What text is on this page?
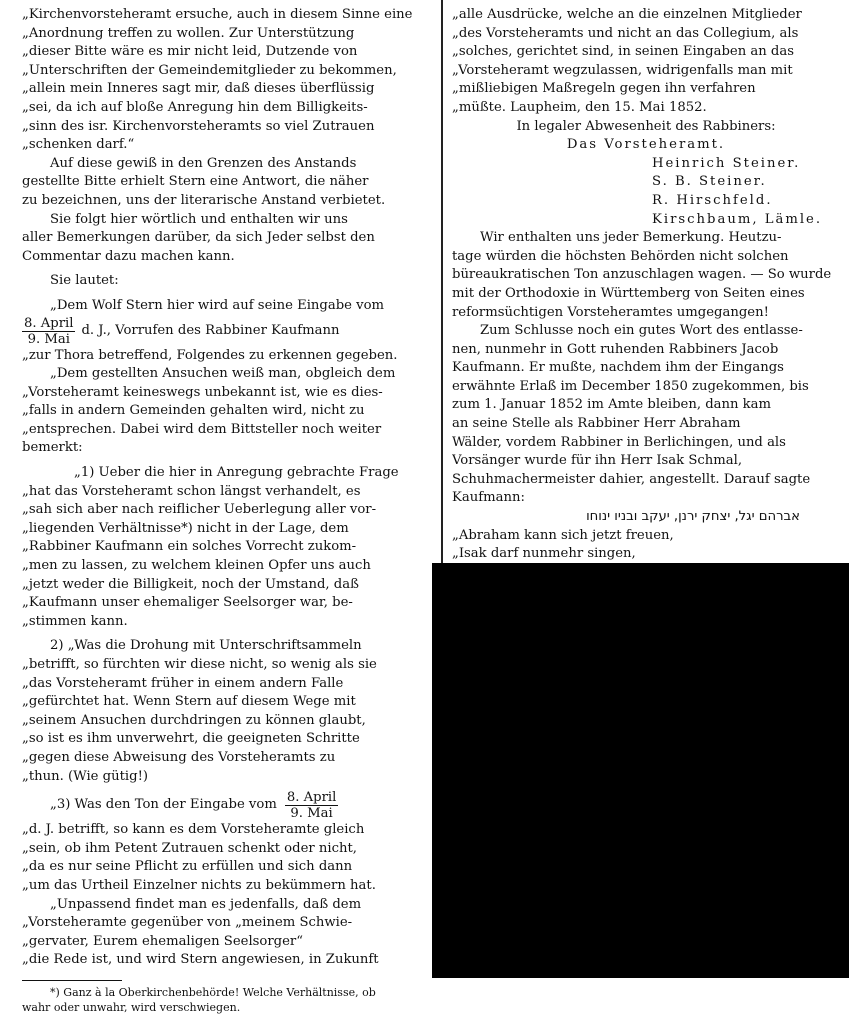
„Kirchenvorsteheramt ersuche, auch in diesem Sinne eine
„Anordnung treffen zu wollen. Zur Unterstützung
„dieser Bitte wäre es mir nicht leid, Dutzende von
„Unterschriften der Gemeindemitglieder zu bekommen,
„allein mein Inneres sagt mir, daß dieses überflüssig
„sei, da ich auf bloße Anregung hin dem Billigkeits-
„sinn des isr. Kirchenvorsteheramts so viel Zutrauen
„schenken darf.“
Auf diese gewiß in den Grenzen des Anstands
gestellte Bitte erhielt Stern eine Antwort, die näher
zu bezeichnen, uns der literarische Anstand verbietet.
Sie folgt hier wörtlich und enthalten wir uns
aller Bemerkungen darüber, da sich Jeder selbst den
Commentar dazu machen kann.
Sie lautet:
„Dem Wolf Stern hier wird auf seine Eingabe vom
$\frac{\text{8. April}}{\text{9. Mai}} d$. J., Vorrufen des Rabbiner Kaufmann
„zur Thora betreffend, Folgendes zu erkennen gegeben.
„Dem gestellten Ansuchen weiß man, obgleich dem
„Vorsteheramt keineswegs unbekannt ist, wie es dies-
„falls in andern Gemeinden gehalten wird, nicht zu
„entsprechen. Dabei wird dem Bittsteller noch weiter
bemerkt:
„1) Ueber die hier in Anregung gebrachte Frage
„hat das Vorsteheramt schon längst verhandelt, es
„sah sich aber nach reiflicher Ueberlegung aller vor-
„liegenden Verhältnisse*) nicht in der Lage, dem
„Rabbiner Kaufmann ein solches Vorrecht zukom-
„men zu lassen, zu welchem kleinen Opfer uns auch
„jetzt weder die Billigkeit, noch der Umstand, daß
„Kaufmann unser ehemaliger Seelsorger war, be-
„stimmen kann.
2) „Was die Drohung mit Unterschriftsammeln
„betrifft, so fürchten wir diese nicht, so wenig als sie
„das Vorsteheramt früher in einem andern Falle
„gefürchtet hat. Wenn Stern auf diesem Wege mit
„seinem Ansuchen durchdringen zu können glaubt,
„so ist es ihm unverwehrt, die geeigneten Schritte
„gegen diese Abweisung des Vorsteheramts zu
„thun. (Wie gütig!)
„3) Was den Ton der Eingabe vom $\frac{\text{8. April}}{\text{9. Mai}}$
„d. J. betrifft, so kann es dem Vorsteheramte gleich
„sein, ob ihm Petent Zutrauen schenkt oder nicht,
„da es nur seine Pflicht zu erfüllen und sich dann
„um das Urtheil Einzelner nichts zu bekümmern hat.
„Unpassend findet man es jedenfalls, daß dem
„Vorsteheramte gegenüber von „meinem Schwie-
„gervater, Eurem ehemaligen Seelsorger“
„die Rede ist, und wird Stern angewiesen, in Zukunft
*) Ganz à la Oberkirchenbehörde! Welche Verhältnisse, ob
wahr oder unwahr, wird verschwiegen.
„alle Ausdrücke, welche an die einzelnen Mitglieder
„des Vorsteheramts und nicht an das Collegium, als
„solches, gerichtet sind, in seinen Eingaben an das
„Vorsteheramt wegzulassen, widrigenfalls man mit
„mißliebigen Maßregeln gegen ihn verfahren
„müßte. Laupheim, den 15. Mai 1852.
In legaler Abwesenheit des Rabbiners:
Das Vorsteheramt.
Heinrich Steiner.
S. B. Steiner.
R. Hirschfeld.
Kirschbaum, Lämle.
Wir enthalten uns jeder Bemerkung. Heutzu-
tage würden die höchsten Behörden nicht solchen
büreaukratischen Ton anzuschlagen wagen. — So wurde
mit der Orthodoxie in Württemberg von Seiten eines
reformsüchtigen Vorsteheramtes umgegangen!
Zum Schlusse noch ein gutes Wort des entlasse-
nen, nunmehr in Gott ruhenden Rabbiners Jacob
Kaufmann. Er mußte, nachdem ihm der Eingangs
erwähnte Erlaß im December 1850 zugekommen, bis
zum 1. Januar 1852 im Amte bleiben, dann kam
an seine Stelle als Rabbiner Herr Abraham
Wälder, vordem Rabbiner in Berlichingen, und als
Vorsänger wurde für ihn Herr Isak Schmal,
Schuhmachermeister dahier, angestellt. Darauf sagte
Kaufmann:
אברהם יגל, יצחק ירנן, יעקב ובניו ינוחו
„Abraham kann sich jetzt freuen,
„Isak darf nunmehr singen,
